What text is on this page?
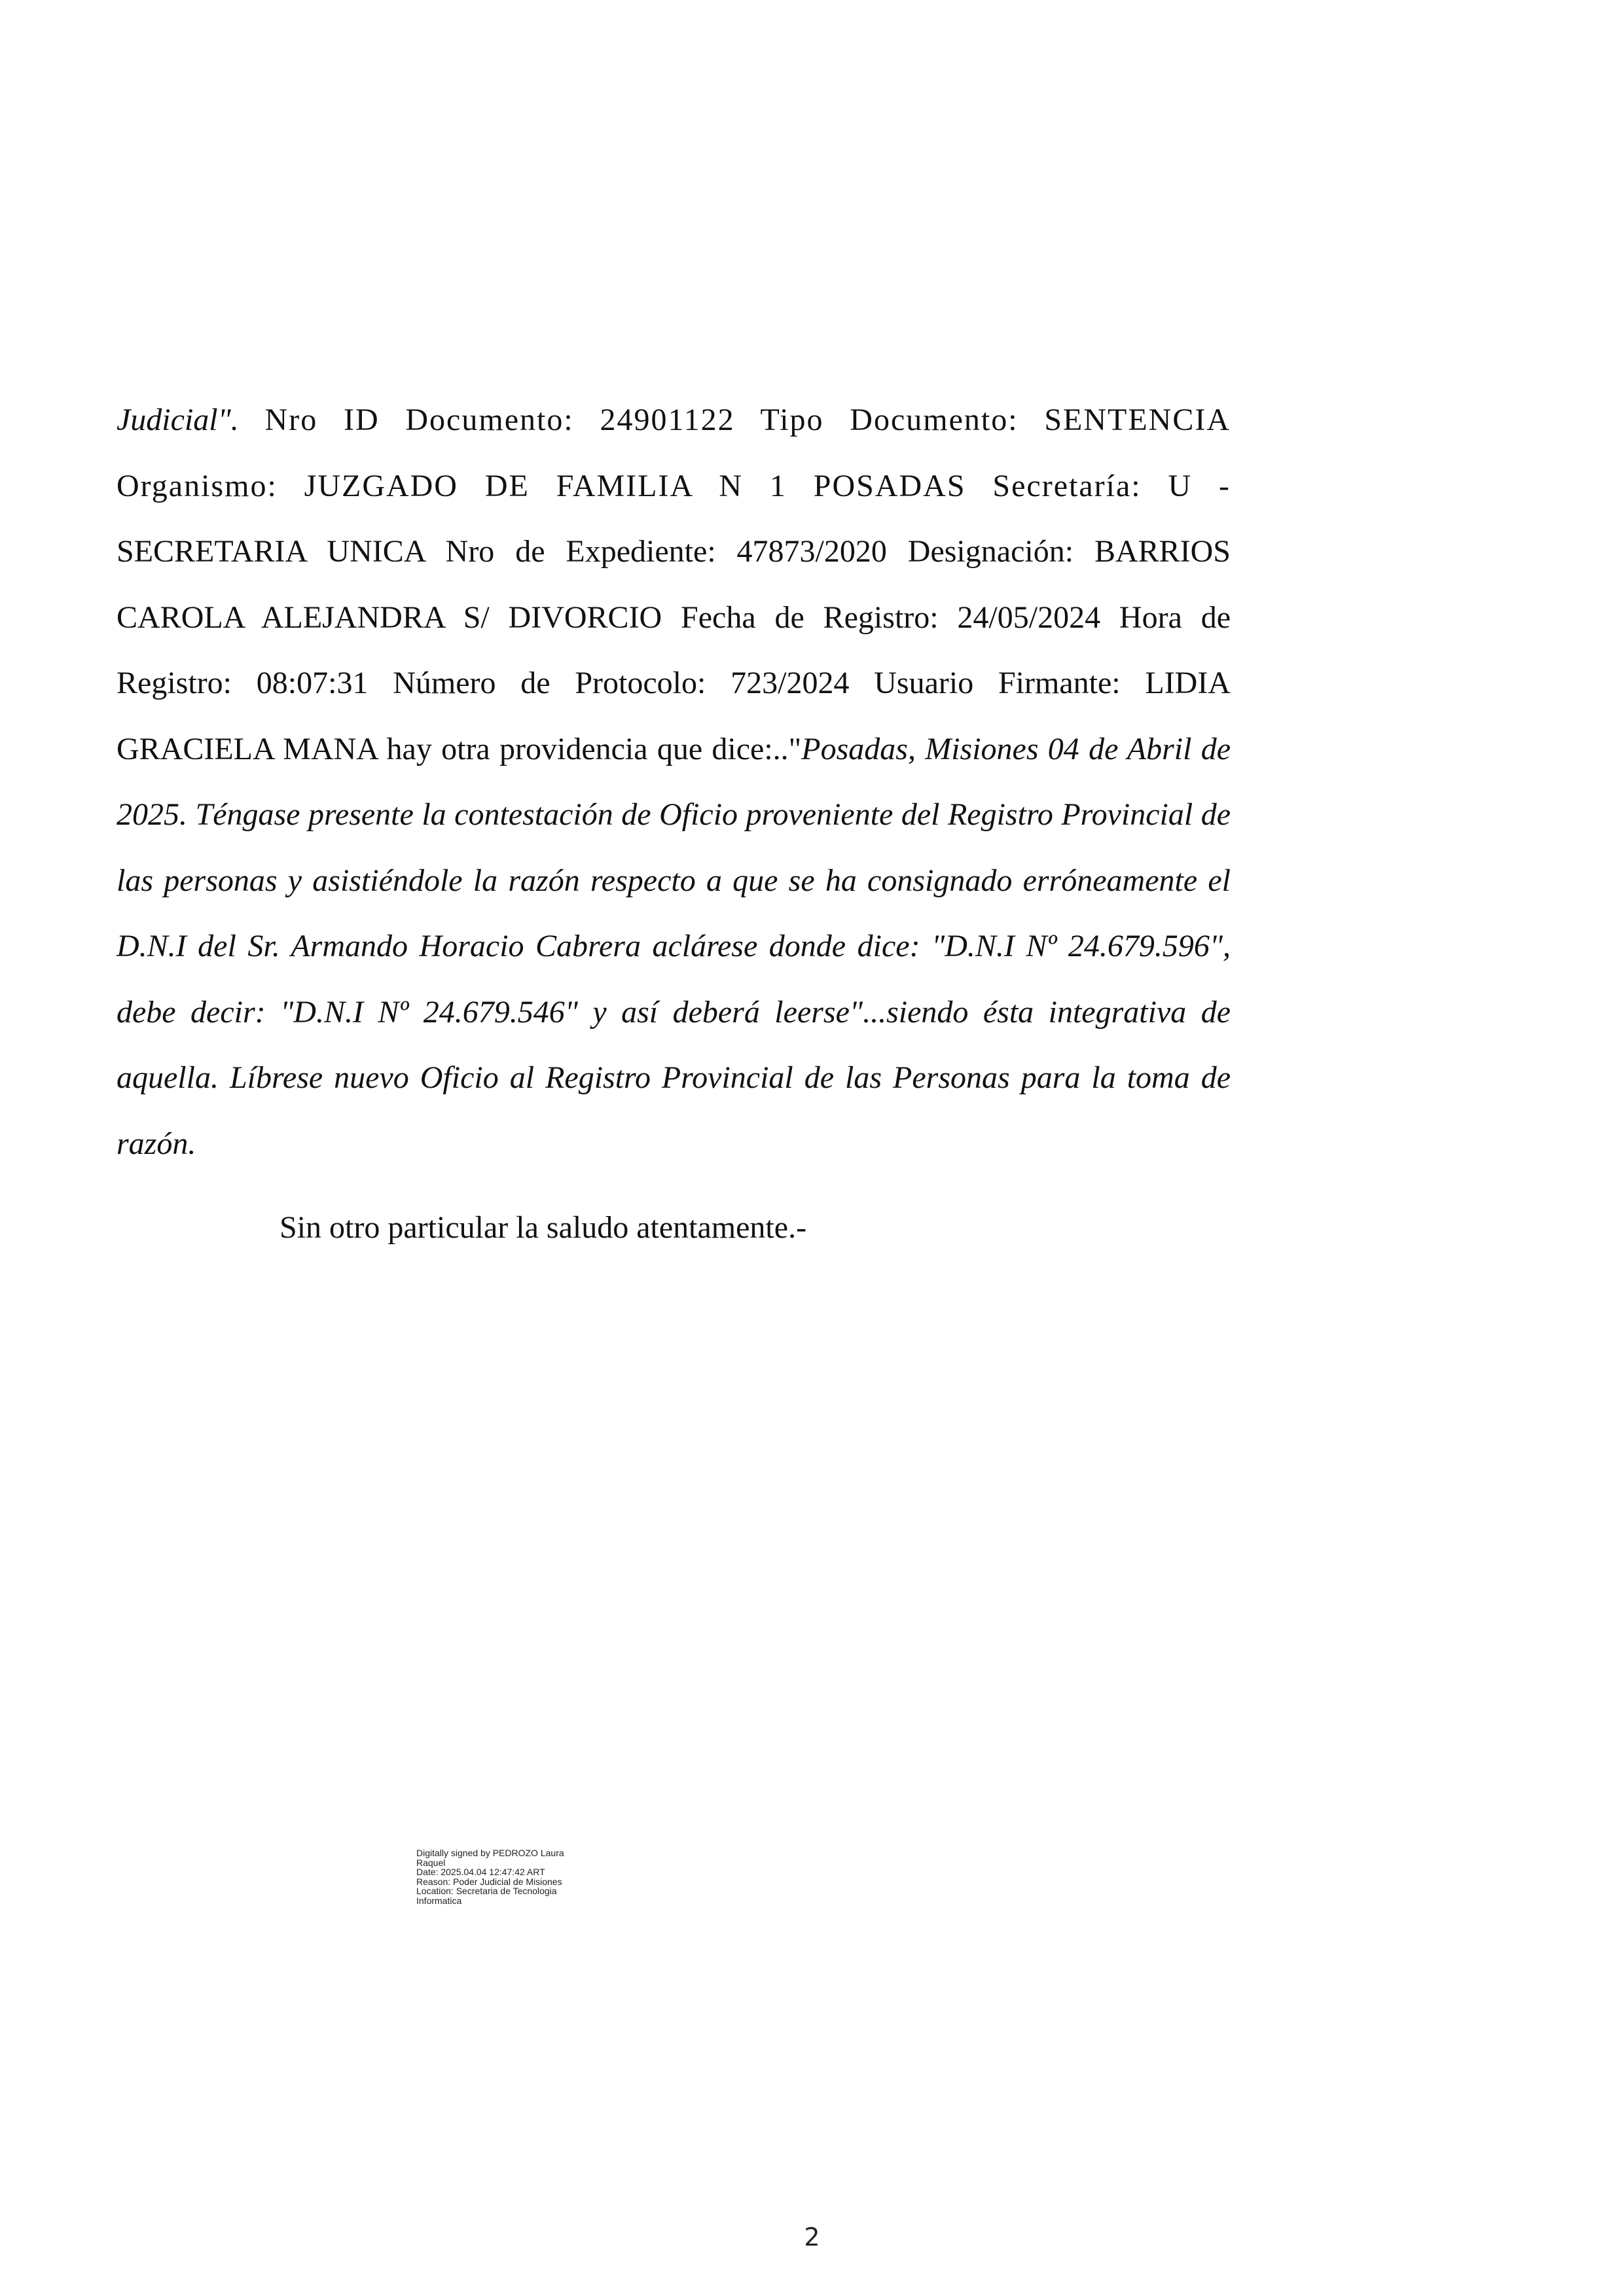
Judicial". Nro ID Documento: 24901122 Tipo Documento: SENTENCIA Organismo: JUZGADO DE FAMILIA N 1 POSADAS Secretaría: U - SECRETARIA UNICA Nro de Expediente: 47873/2020 Designación: BARRIOS CAROLA ALEJANDRA S/ DIVORCIO Fecha de Registro: 24/05/2024 Hora de Registro: 08:07:31 Número de Protocolo: 723/2024 Usuario Firmante: LIDIA GRACIELA MANA hay otra providencia que dice:.."Posadas, Misiones 04 de Abril de 2025. Téngase presente la contestación de Oficio proveniente del Registro Provincial de las personas y asistiéndole la razón respecto a que se ha consignado erróneamente el D.N.I del Sr. Armando Horacio Cabrera aclárese donde dice: "D.N.I Nº 24.679.596", debe decir: "D.N.I Nº 24.679.546" y así deberá leerse"...siendo ésta integrativa de aquella. Líbrese nuevo Oficio al Registro Provincial de las Personas para la toma de razón.

Sin otro particular la saludo atentamente.-

Digitally signed by PEDROZO Laura
Raquel
Date: 2025.04.04 12:47:42 ART
Reason: Poder Judicial de Misiones
Location: Secretaria de Tecnologia
Informatica
2
